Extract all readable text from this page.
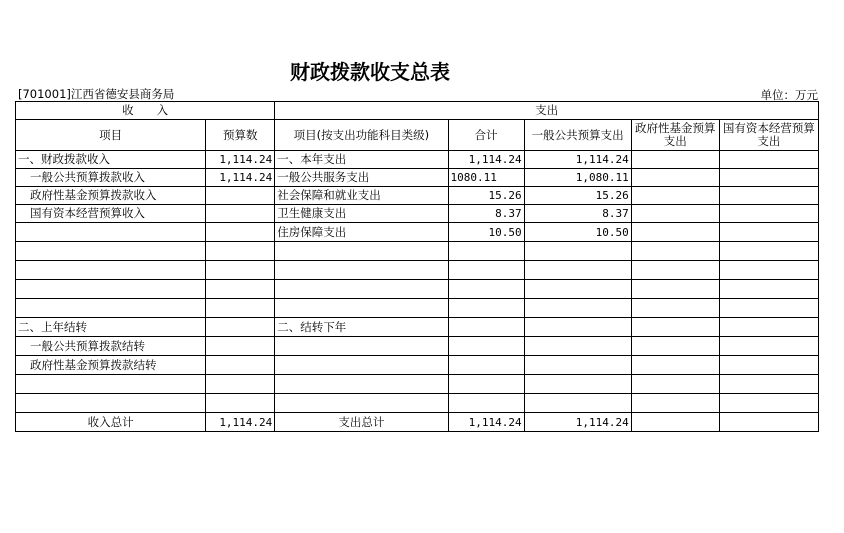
财政拨款收支总表
[701001]江西省德安县商务局	单位：万元
收　　入		支出				
项目	预算数	项目(按支出功能科目类级)	合计	一般公共预算支出	政府性基金预算支出	国有资本经营预算支出
一、财政拨款收入	1,114.24	一、本年支出	1,114.24	1,114.24		
一般公共预算拨款收入	1,114.24	一般公共服务支出	1080.11	1,080.11		
政府性基金预算拨款收入		社会保障和就业支出	15.26	15.26		
国有资本经营预算收入		卫生健康支出	8.37	8.37		
		住房保障支出	10.50	10.50		

二、上年结转		二、结转下年				
一般公共预算拨款结转						
政府性基金预算拨款结转						

收入总计	1,114.24	支出总计	1,114.24	1,114.24		
